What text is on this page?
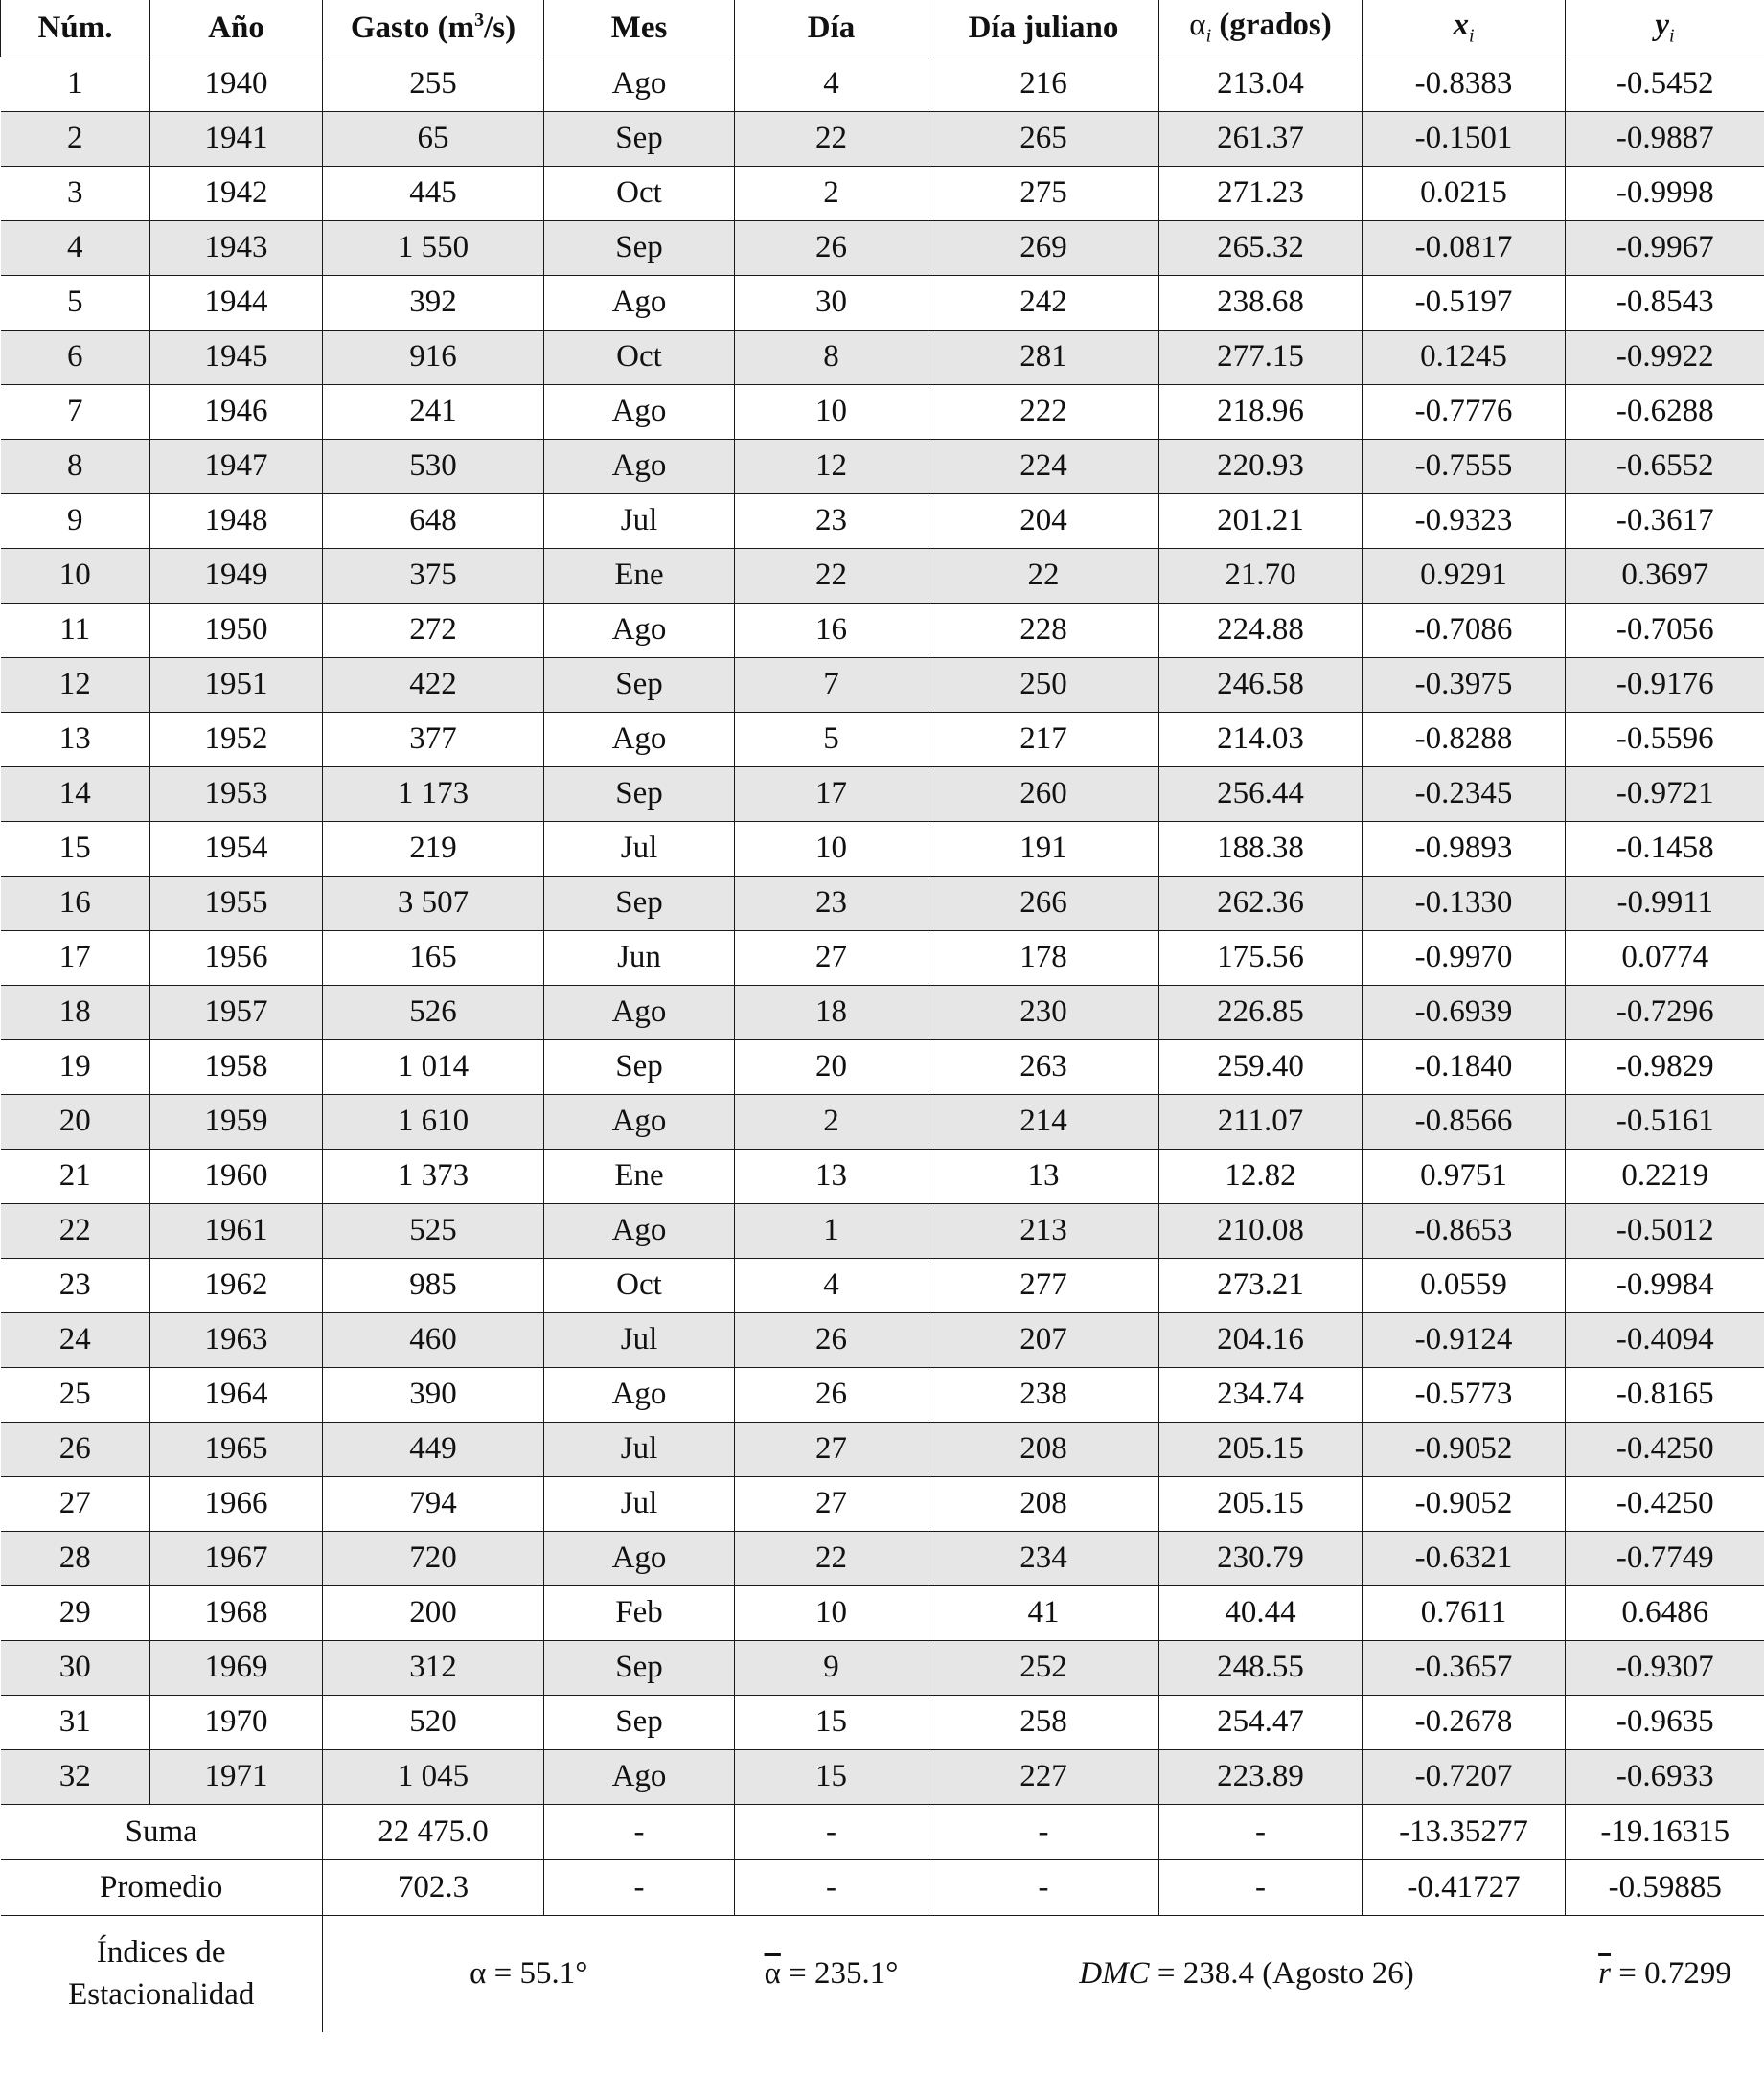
Núm.	Año	Gasto $(m^3/s)$	Mes	Día	Día juliano	$\alpha_i$ (grados)	$x_i$	$y_i$
1	1940	255	Ago	4	216	213.04	-0.8383	-0.5452
2	1941	65	Sep	22	265	261.37	-0.1501	-0.9887
3	1942	445	Oct	2	275	271.23	0.0215	-0.9998
4	1943	1 550	Sep	26	269	265.32	-0.0817	-0.9967
5	1944	392	Ago	30	242	238.68	-0.5197	-0.8543
6	1945	916	Oct	8	281	277.15	0.1245	-0.9922
7	1946	241	Ago	10	222	218.96	-0.7776	-0.6288
8	1947	530	Ago	12	224	220.93	-0.7555	-0.6552
9	1948	648	Jul	23	204	201.21	-0.9323	-0.3617
10	1949	375	Ene	22	22	21.70	0.9291	0.3697
11	1950	272	Ago	16	228	224.88	-0.7086	-0.7056
12	1951	422	Sep	7	250	246.58	-0.3975	-0.9176
13	1952	377	Ago	5	217	214.03	-0.8288	-0.5596
14	1953	1 173	Sep	17	260	256.44	-0.2345	-0.9721
15	1954	219	Jul	10	191	188.38	-0.9893	-0.1458
16	1955	3 507	Sep	23	266	262.36	-0.1330	-0.9911
17	1956	165	Jun	27	178	175.56	-0.9970	0.0774
18	1957	526	Ago	18	230	226.85	-0.6939	-0.7296
19	1958	1 014	Sep	20	263	259.40	-0.1840	-0.9829
20	1959	1 610	Ago	2	214	211.07	-0.8566	-0.5161
21	1960	1 373	Ene	13	13	12.82	0.9751	0.2219
22	1961	525	Ago	1	213	210.08	-0.8653	-0.5012
23	1962	985	Oct	4	277	273.21	0.0559	-0.9984
24	1963	460	Jul	26	207	204.16	-0.9124	-0.4094
25	1964	390	Ago	26	238	234.74	-0.5773	-0.8165
26	1965	449	Jul	27	208	205.15	-0.9052	-0.4250
27	1966	794	Jul	27	208	205.15	-0.9052	-0.4250
28	1967	720	Ago	22	234	230.79	-0.6321	-0.7749
29	1968	200	Feb	10	41	40.44	0.7611	0.6486
30	1969	312	Sep	9	252	248.55	-0.3657	-0.9307
31	1970	520	Sep	15	258	254.47	-0.2678	-0.9635
32	1971	1 045	Ago	15	227	223.89	-0.7207	-0.6933
Suma		22 475.0	-	-	-	-	-13.35277	-19.16315
Promedio		702.3	-	-	-	-	-0.41727	-0.59885
Índices de Estacionalidad		α = 55.1°		$\overline{\alpha} = 235.1^\circ$	DMC = 238.4 (Agosto 26)			$\overline{r} = 0.7299$
